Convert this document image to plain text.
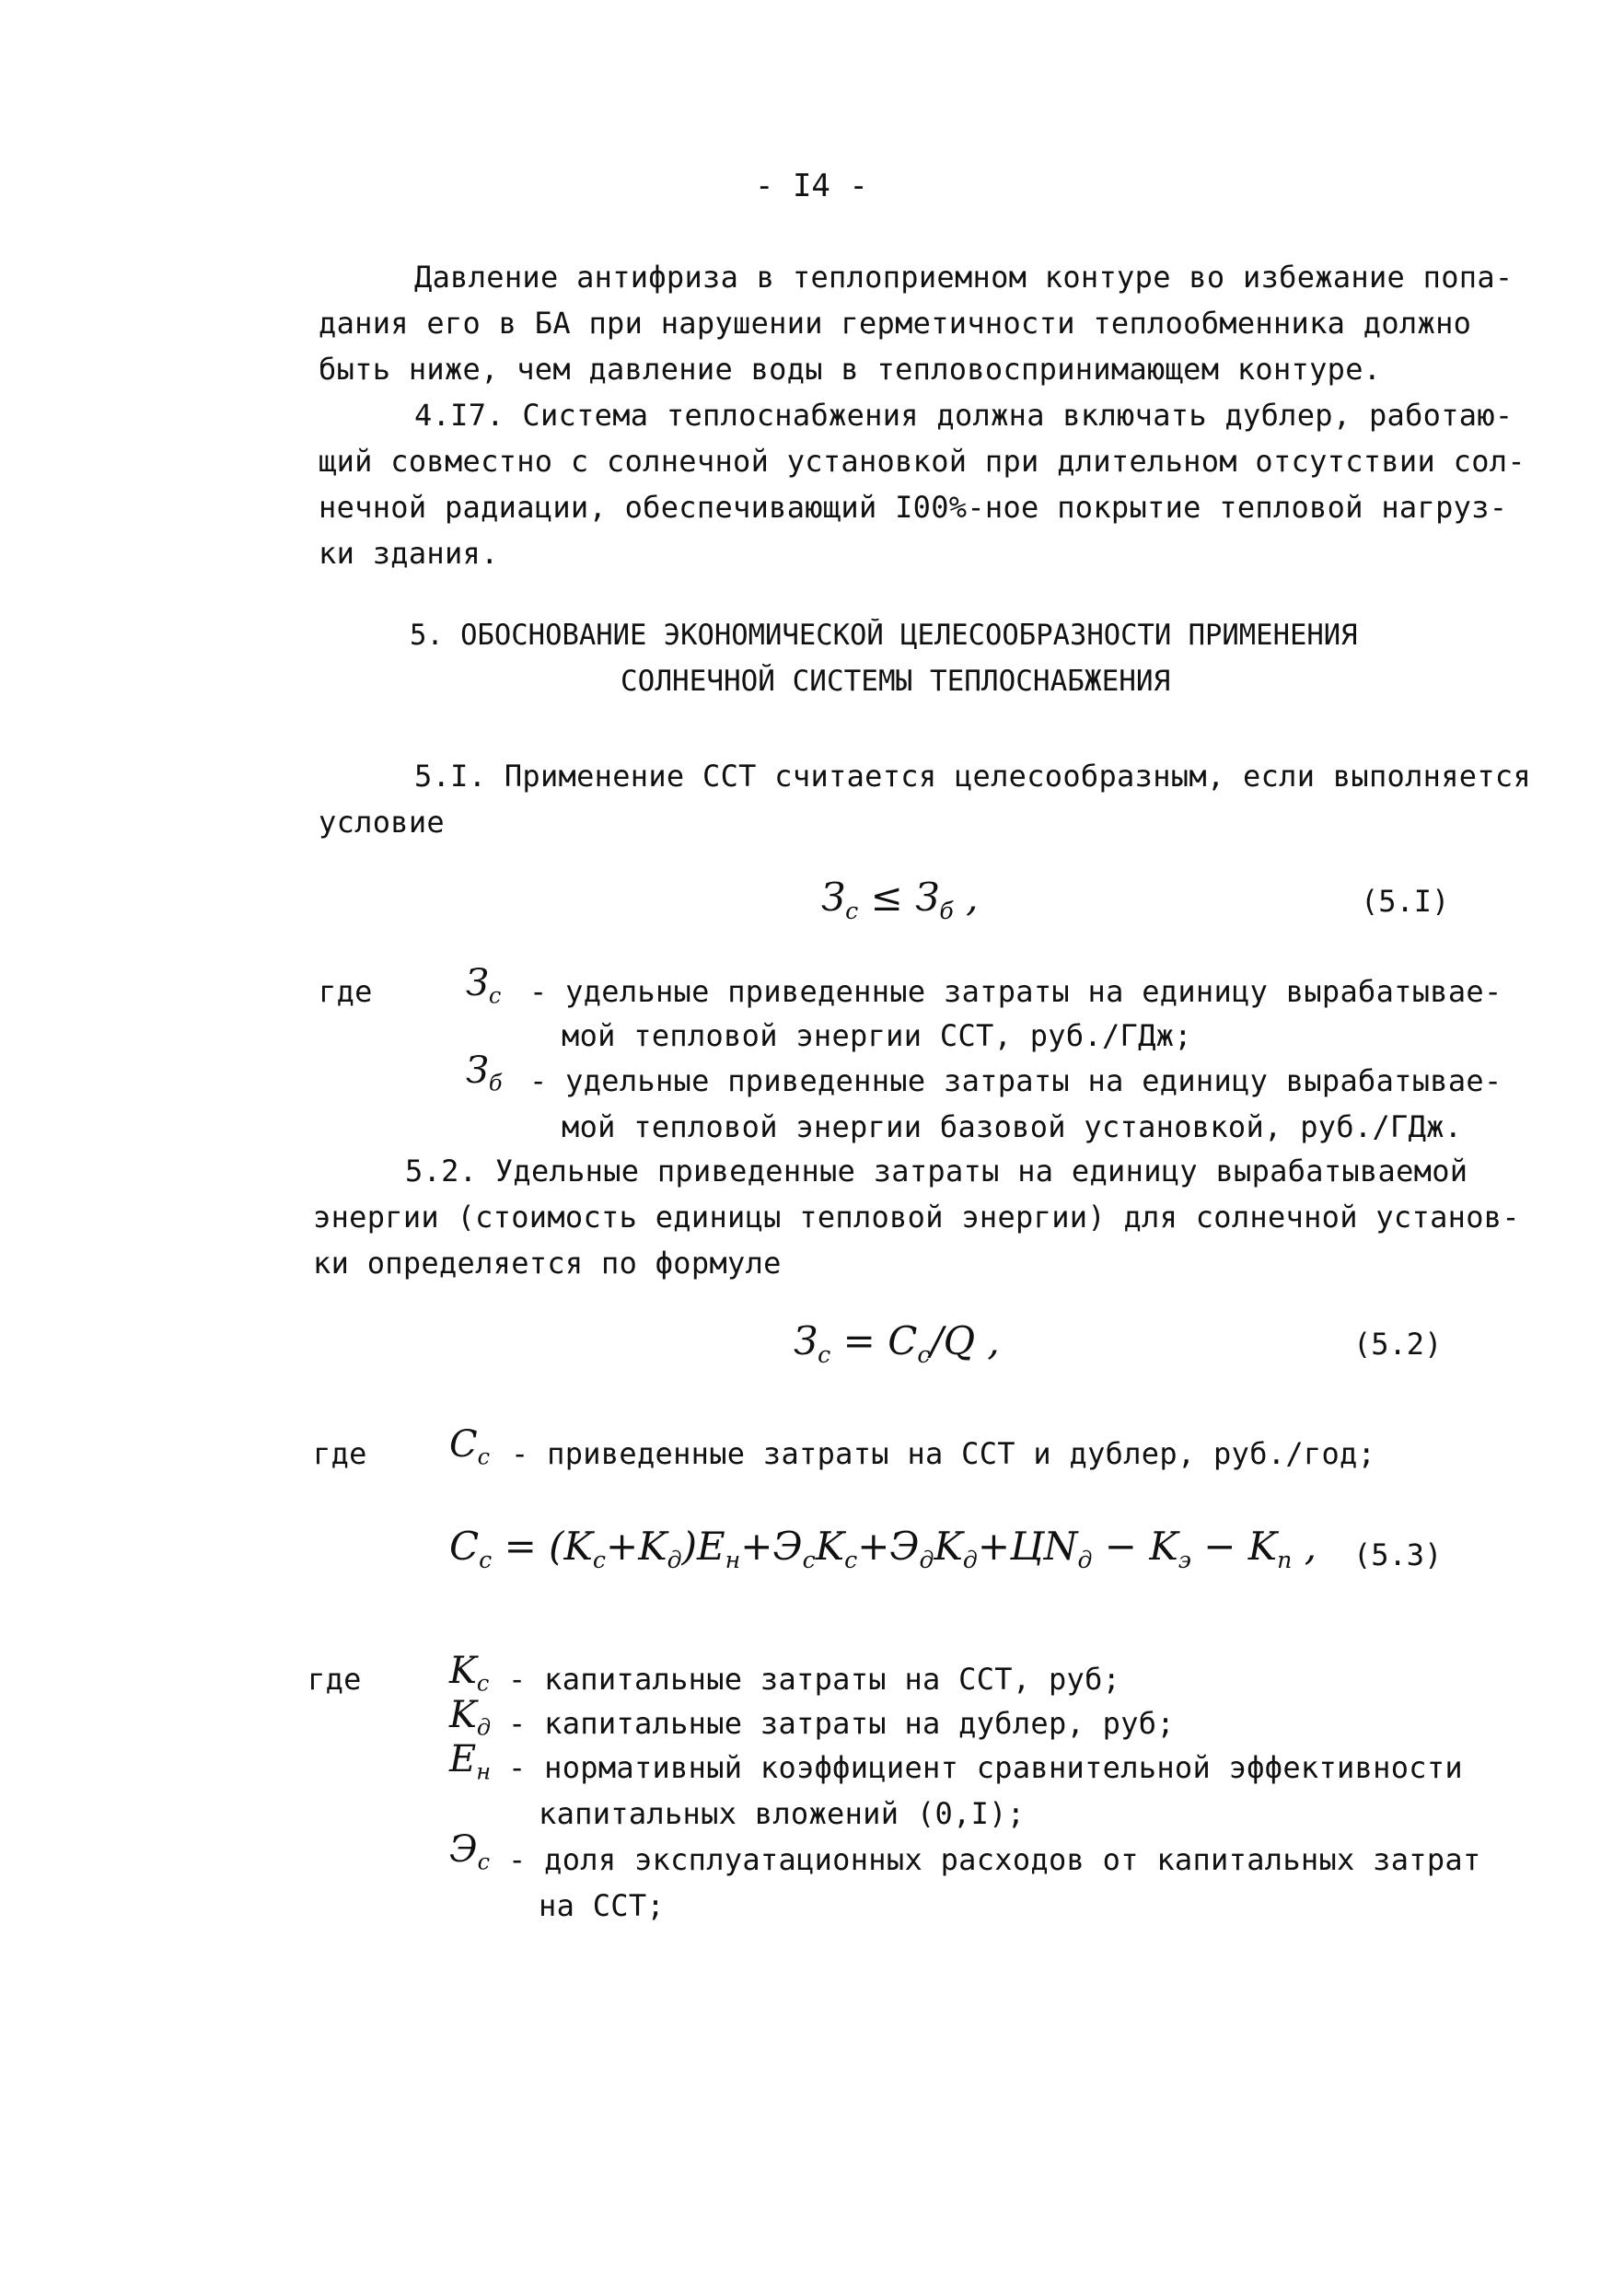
- I4 -
Давление антифриза в теплоприемном контуре во избежание попа-
дания его в БА при нарушении герметичности теплообменника должно
быть ниже, чем давление воды в тепловоспринимающем контуре.
4.I7. Система теплоснабжения должна включать дублер, работаю-
щий совместно с солнечной установкой при длительном отсутствии сол-
нечной радиации, обеспечивающий I00%-ное покрытие тепловой нагруз-
ки здания.
5. ОБОСНОВАНИЕ ЭКОНОМИЧЕСКОЙ ЦЕЛЕСООБРАЗНОСТИ ПРИМЕНЕНИЯ
СОЛНЕЧНОЙ СИСТЕМЫ ТЕПЛОСНАБЖЕНИЯ
5.I. Применение ССТ считается целесообразным, если выполняется
условие
$З_c \le З_б$ ,	(5.I)
где	$З_c$ - удельные приведенные затраты на единицу вырабатывае-
мой тепловой энергии ССТ, руб./ГДж;
$З_б$ - удельные приведенные затраты на единицу вырабатывае-
мой тепловой энергии базовой установкой, руб./ГДж.
5.2. Удельные приведенные затраты на единицу вырабатываемой
энергии (стоимость единицы тепловой энергии) для солнечной установ-
ки определяется по формуле
$З_c = C_c/Q$ ,	(5.2)
где $C_c$ - приведенные затраты на ССТ и дублер, руб./год;
$C_c = (K_c+K_д)E_н+Э_cK_c+Э_дK_д+ЦN_д - K_э - K_п$ , (5.3)
где $K_c$ - капитальные затраты на ССТ, руб;
$K_д$ - капитальные затраты на дублер, руб;
$E_н$ - нормативный коэффициент сравнительной эффективности
капитальных вложений (0,I);
$Э_c$ - доля эксплуатационных расходов от капитальных затрат
на ССТ;
